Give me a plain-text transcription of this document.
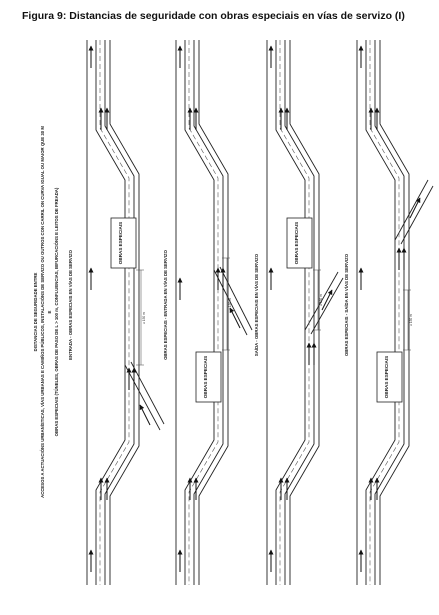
Figura 9: Distancias de seguridade con obras especiais en vías de servizo (I)
DISTANCIAS DE SEGURIDADE ENTRE ACCESOS A ACTUACIÓNS URBANÍSTICAS, VÍAS URBANAS E CAMIÑOS PÚBLICOS, INSTALACIÓNS DE SERVIZO OU OUTROS CON CARRIL ON CURVA IGUAL OU MAIOR QUE 30 M E OBRAS ESPECIAIS (TÚNELES, OBRAS DE PASO DE L > 100 m, CONFLUENCIAS, BIFURCACIÓNS E LEITOS DE FREADA)	OBRAS ESPECIAIS
≥ 150 m
ENTRADA - OBRAS ESPECIAIS EN VÍAS DE SERVIZO
OBRAS ESPECIAIS
≥ 150 m
OBRAS ESPECIAIS - ENTRADA EN VÍAS DE SERVIZO
OBRAS ESPECIAIS
≥ 150 m
SAÍDA - OBRAS ESPECIAIS EN VÍAS DE SERVIZO
OBRAS ESPECIAIS
≥ 150 m
OBRAS ESPECIAIS - SAÍDA EN VÍAS DE SERVIZO
